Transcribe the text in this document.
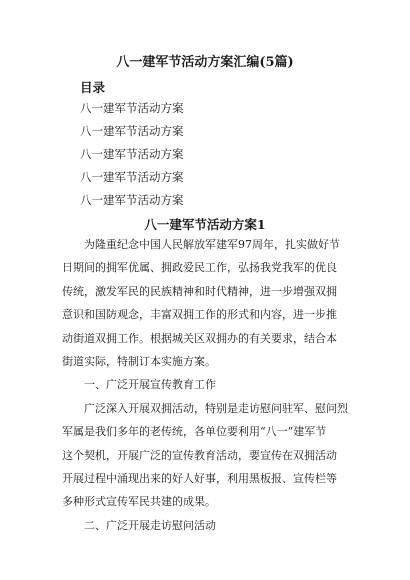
八一建军节活动方案汇编(5篇)
目录
八一建军节活动方案
八一建军节活动方案
八一建军节活动方案
八一建军节活动方案
八一建军节活动方案
八一建军节活动方案1

为隆重纪念中国人民解放军建军97周年，扎实做好节
日期间的拥军优属、拥政爱民工作，弘扬我党我军的优良
传统，激发军民的民族精神和时代精神，进一步增强双拥
意识和国防观念，丰富双拥工作的形式和内容，进一步推
动街道双拥工作。根据城关区双拥办的有关要求，结合本
街道实际，特制订本实施方案。

一、广泛开展宣传教育工作

广泛深入开展双拥活动，特别是走访慰问驻军、慰问烈
军属是我们多年的老传统，各单位要利用“八一”建军节
这个契机，开展广泛的宣传教育活动，要宣传在双拥活动
开展过程中涌现出来的好人好事，利用黑板报、宣传栏等
多种形式宣传军民共建的成果。

二、广泛开展走访慰问活动
